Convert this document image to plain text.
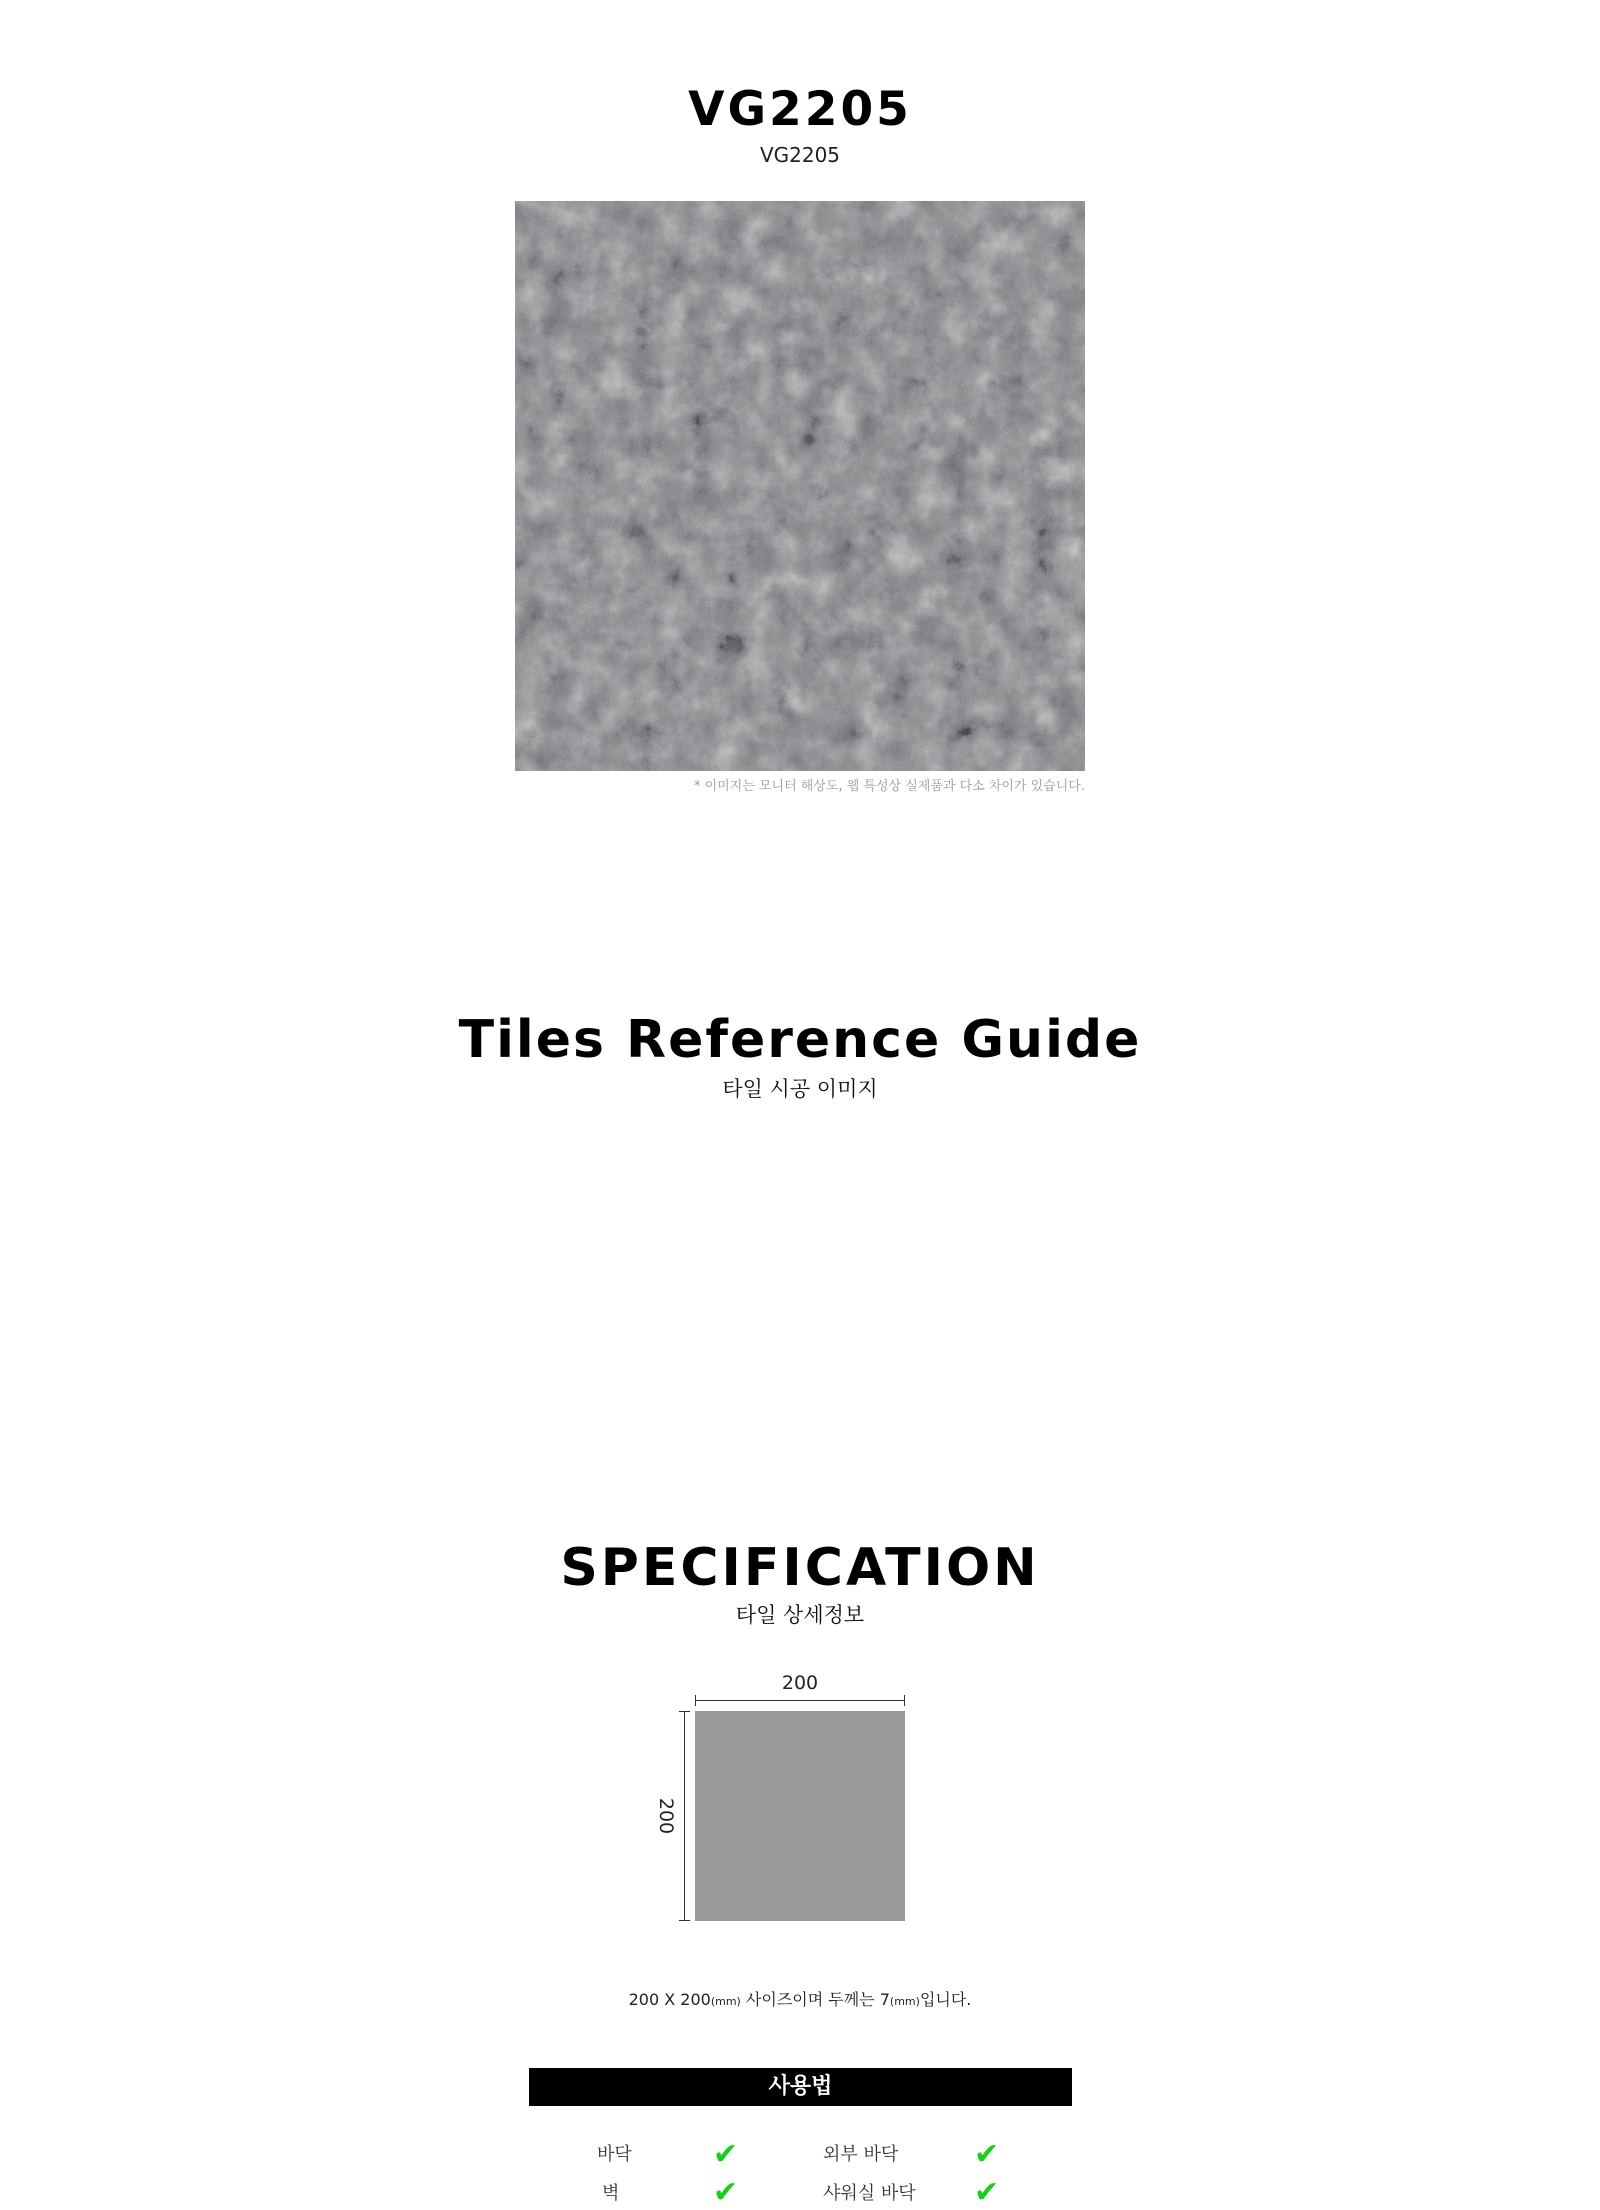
VG2205
VG2205
* 이미지는 모니터 해상도, 웹 특성상 실제품과 다소 차이가 있습니다.
Tiles Reference Guide
타일 시공 이미지
SPECIFICATION
타일 상세정보
200
200
200 X 200(mm) 사이즈이며 두께는 7(mm)입니다.
사용법
바닥	✔	외부 바닥	✔
벽	✔	샤워실 바닥 ✔
